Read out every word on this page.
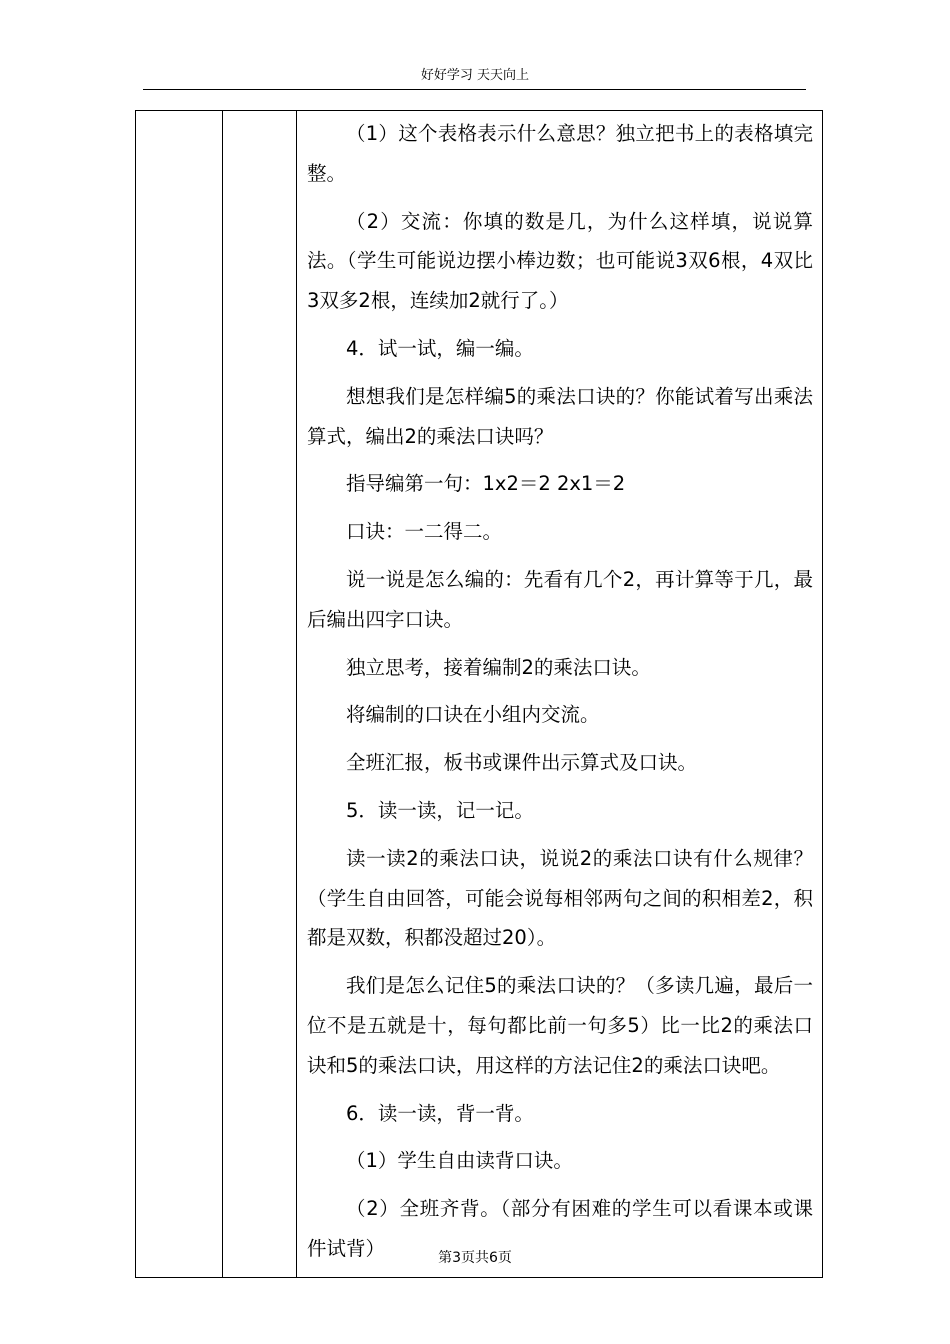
好好学习 天天向上

（1）这个表格表示什么意思？独立把书上的表格填完整。

（2）交流：你填的数是几，为什么这样填，说说算法。（学生可能说边摆小棒边数；也可能说3双6根，4双比3双多2根，连续加2就行了。）

4．试一试，编一编。

想想我们是怎样编5的乘法口诀的？你能试着写出乘法算式，编出2的乘法口诀吗？

指导编第一句：1x2＝2 2x1＝2

口诀：一二得二。

说一说是怎么编的：先看有几个2，再计算等于几，最后编出四字口诀。

独立思考，接着编制2的乘法口诀。

将编制的口诀在小组内交流。

全班汇报，板书或课件出示算式及口诀。

5．读一读，记一记。

读一读2的乘法口诀，说说2的乘法口诀有什么规律？（学生自由回答，可能会说每相邻两句之间的积相差2，积都是双数，积都没超过20）。

我们是怎么记住5的乘法口诀的？（多读几遍，最后一位不是五就是十，每句都比前一句多5）比一比2的乘法口诀和5的乘法口诀，用这样的方法记住2的乘法口诀吧。

6．读一读，背一背。

（1）学生自由读背口诀。

（2）全班齐背。（部分有困难的学生可以看课本或课件试背）	第3页共6页
